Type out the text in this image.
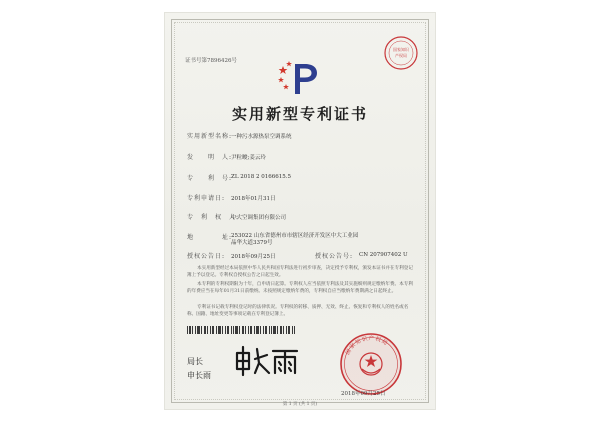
证书号第7896426号
国家知识
产权局
实用新型专利证书
实用新型名称:
一种污水源热泵空调系统
发　　明　人:
尹粒畯;姜云玲
专　　利　号:
ZL 2018 2 0166615.5
专利申请日: 2018年01月31日
专　利　权　人:
中大空调集团有限公司
地　　　　址:
253022 山东省德州市市辖区经济开发区中大工业园晶华大道3379号
授权公告日: 2018年09月25日	授权公告号: CN 207907402 U
本实用新型经过本局依照中华人民共和国专利法进行初步审查，决定授予专利权，颁发本证书并在专利登记簿上予以登记。专利权自授权公告之日起生效。
本专利的专利权期限为十年，自申请日起算。专利权人应当依照专利法及其实施细则规定缴纳年费。本专利的年费应当在每年01月31日前缴纳。未按照规定缴纳年费的，专利权自应当缴纳年费期满之日起终止。
专利证书记载专利权登记时的法律状况。专利权的转移、质押、无效、终止、恢复和专利权人的姓名或名称、国籍、地址变更等事项记载在专利登记簿上。
局长
申长雨
国家知识产权局
2018年09月25日
第 1 页 (共 1 页)
